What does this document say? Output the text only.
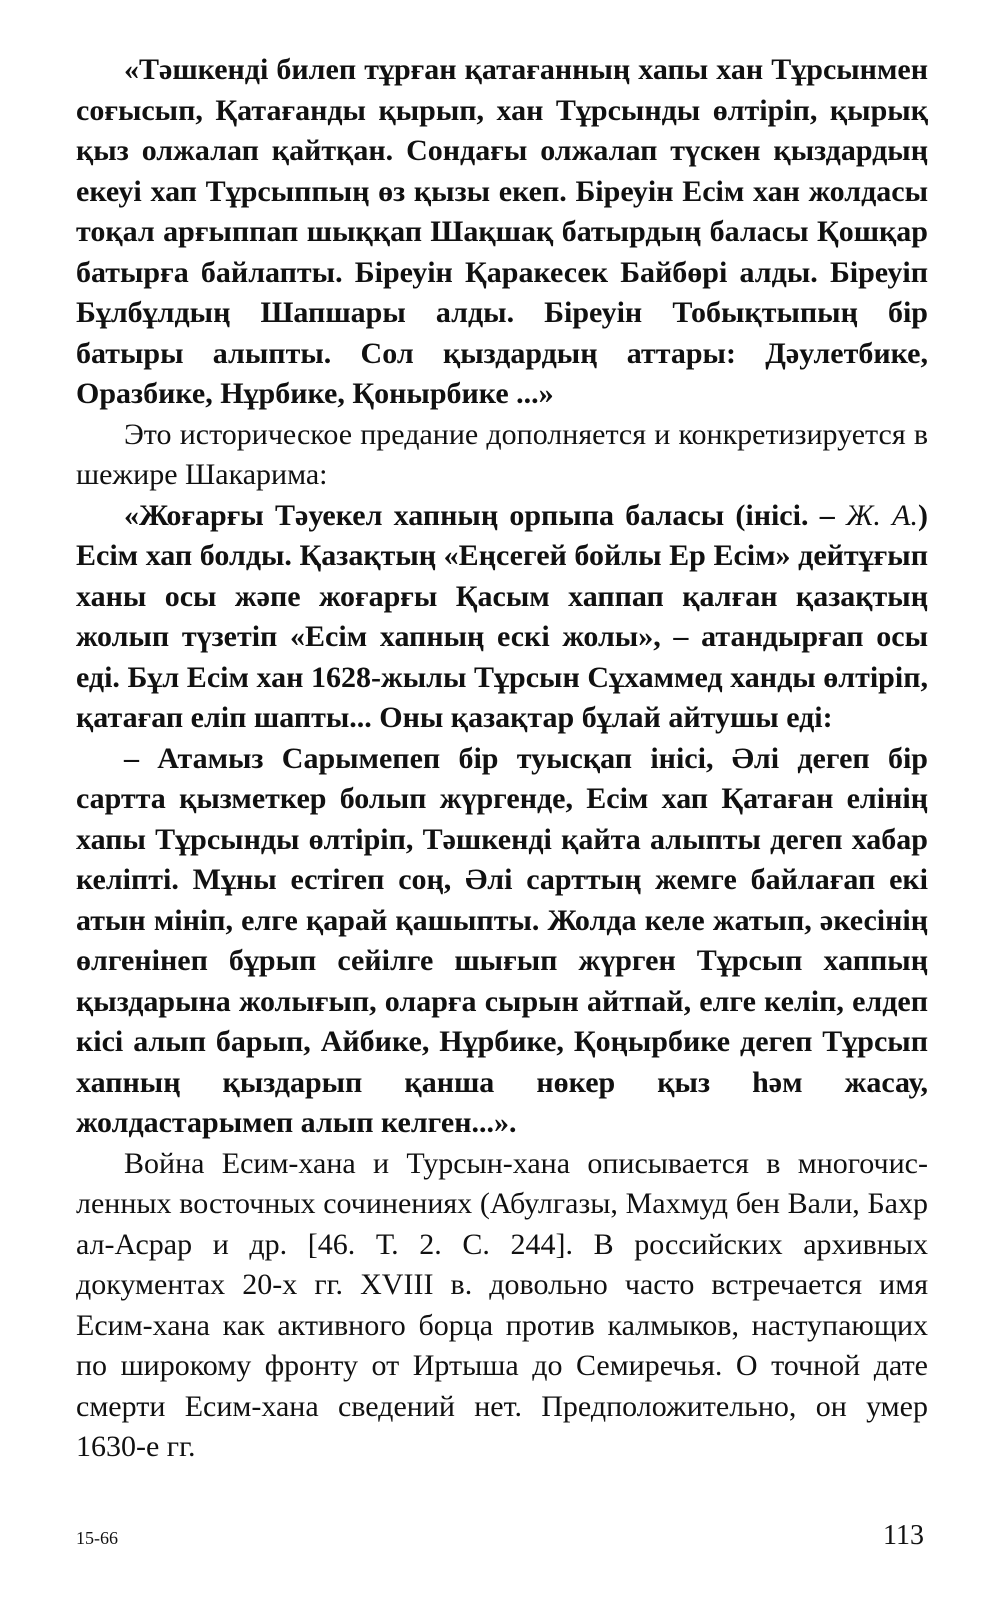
«Тәшкенді билеп тұрған қатағанның хапы хан Тұрсынмен соғысып, Қатағанды қырып, хан Тұрсынды өлтіріп, қырық қыз олжалап қайтқан. Сондағы олжалап түскен қыздардың екеуі хап Тұрсыппың өз қызы екеп. Біреуін Есім хан жолдасы тоқал арғыппап шыққап Шақшақ батырдың баласы Қошқар батырға байлапты. Біреуін Қаракесек Байбөрі алды. Біреуіп Бұлбұлдың Шапшары алды. Біреуін Тобықтыпың бір батыры алыпты. Сол қыздардың аттары: Дәулетбике, Оразбике, Нұрбике, Қонырбике ...»

Это историческое предание дополняется и конкретизируется в шежире Шакарима:

«Жоғарғы Тәуекел хапның орпыпа баласы (інісі. – Ж. А.) Есім хап болды. Қазақтың «Еңсегей бойлы Ер Есім» дейтұғып ханы осы жәпе жоғарғы Қасым хаппап қалған қазақтың жолып түзетіп «Есім хапның ескі жолы», – атандырғап осы еді. Бұл Есім хан 1628-жылы Тұрсын Сұхаммед ханды өлтіріп, қатағап еліп шапты... Оны қазақтар бұлай айтушы еді:

– Атамыз Сарымепеп бір туысқап інісі, Әлі дегеп бір сартта қызметкер болып жүргенде, Есім хап Қатаған елінің хапы Тұрсынды өлтіріп, Тәшкенді қайта алыпты дегеп хабар келіпті. Мұны естігеп соң, Әлі сарттың жемге байлағап екі атын мініп, елге қарай қашыпты. Жолда келе жатып, әкесінің өлгенінеп бұрып сейілге шығып жүрген Тұрсып хаппың қыздарына жолығып, оларға сырын айтпай, елге келіп, елдеп кісі алып барып, Айбике, Нұрбике, Қоңырбике дегеп Тұрсып хапның қыздарып қанша нөкер қыз һәм жасау, жолдастарымеп алып келген...».

Война Есим-хана и Турсын-хана описывается в многочисленных восточных сочинениях (Абулгазы, Махмуд бен Вали, Бахр ал-Асрар и др. [46. Т. 2. С. 244]. В российских архивных документах 20-х гг. XVIII в. довольно часто встречается имя Есим-хана как активного борца против калмыков, наступающих по широкому фронту от Иртыша до Семиречья. О точной дате смерти Есим-хана сведений нет. Предположительно, он умер 1630-е гг.

15-66	113
